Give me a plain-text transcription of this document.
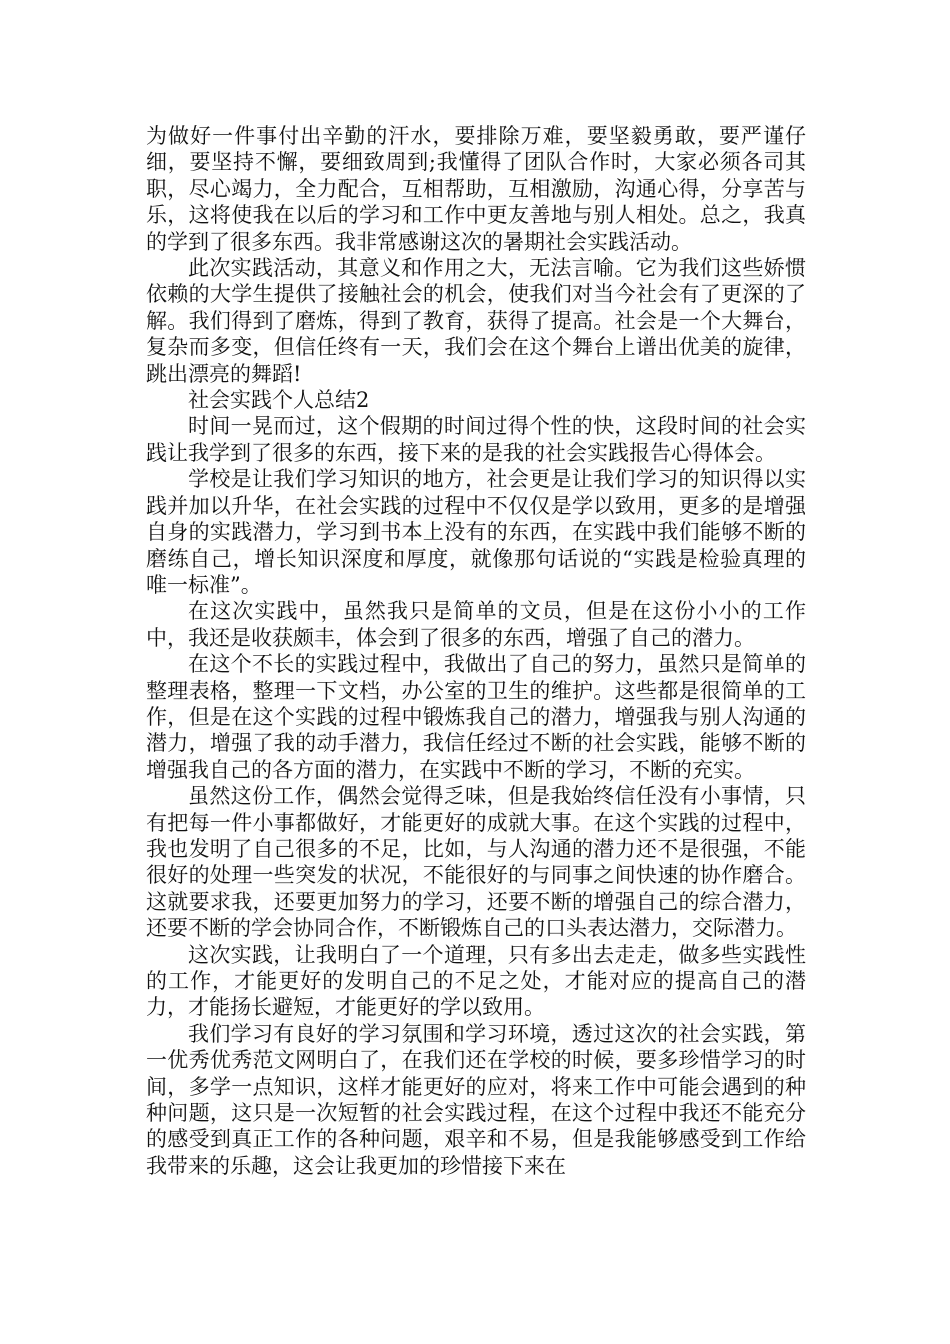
为做好一件事付出辛勤的汗水，要排除万难，要坚毅勇敢，要严谨仔细，要坚持不懈，要细致周到;我懂得了团队合作时，大家必须各司其职，尽心竭力，全力配合，互相帮助，互相激励，沟通心得，分享苦与乐，这将使我在以后的学习和工作中更友善地与别人相处。总之，我真的学到了很多东西。我非常感谢这次的暑期社会实践活动。

此次实践活动，其意义和作用之大，无法言喻。它为我们这些娇惯依赖的大学生提供了接触社会的机会，使我们对当今社会有了更深的了解。我们得到了磨炼，得到了教育，获得了提高。社会是一个大舞台，复杂而多变，但信任终有一天，我们会在这个舞台上谱出优美的旋律，跳出漂亮的舞蹈!

社会实践个人总结2

时间一晃而过，这个假期的时间过得个性的快，这段时间的社会实践让我学到了很多的东西，接下来的是我的社会实践报告心得体会。

学校是让我们学习知识的地方，社会更是让我们学习的知识得以实践并加以升华，在社会实践的过程中不仅仅是学以致用，更多的是增强自身的实践潜力，学习到书本上没有的东西，在实践中我们能够不断的磨练自己，增长知识深度和厚度，就像那句话说的“实践是检验真理的唯一标准”。

在这次实践中，虽然我只是简单的文员，但是在这份小小的工作中，我还是收获颇丰，体会到了很多的东西，增强了自己的潜力。

在这个不长的实践过程中，我做出了自己的努力，虽然只是简单的整理表格，整理一下文档，办公室的卫生的维护。这些都是很简单的工作，但是在这个实践的过程中锻炼我自己的潜力，增强我与别人沟通的潜力，增强了我的动手潜力，我信任经过不断的社会实践，能够不断的增强我自己的各方面的潜力，在实践中不断的学习，不断的充实。

虽然这份工作，偶然会觉得乏味，但是我始终信任没有小事情，只有把每一件小事都做好，才能更好的成就大事。在这个实践的过程中，我也发明了自己很多的不足，比如，与人沟通的潜力还不是很强，不能很好的处理一些突发的状况，不能很好的与同事之间快速的协作磨合。这就要求我，还要更加努力的学习，还要不断的增强自己的综合潜力，还要不断的学会协同合作，不断锻炼自己的口头表达潜力，交际潜力。

这次实践，让我明白了一个道理，只有多出去走走，做多些实践性的工作，才能更好的发明自己的不足之处，才能对应的提高自己的潜力，才能扬长避短，才能更好的学以致用。

我们学习有良好的学习氛围和学习环境，透过这次的社会实践，第一优秀优秀范文网明白了，在我们还在学校的时候，要多珍惜学习的时间，多学一点知识，这样才能更好的应对，将来工作中可能会遇到的种种问题，这只是一次短暂的社会实践过程，在这个过程中我还不能充分的感受到真正工作的各种问题，艰辛和不易，但是我能够感受到工作给我带来的乐趣，这会让我更加的珍惜接下来在
